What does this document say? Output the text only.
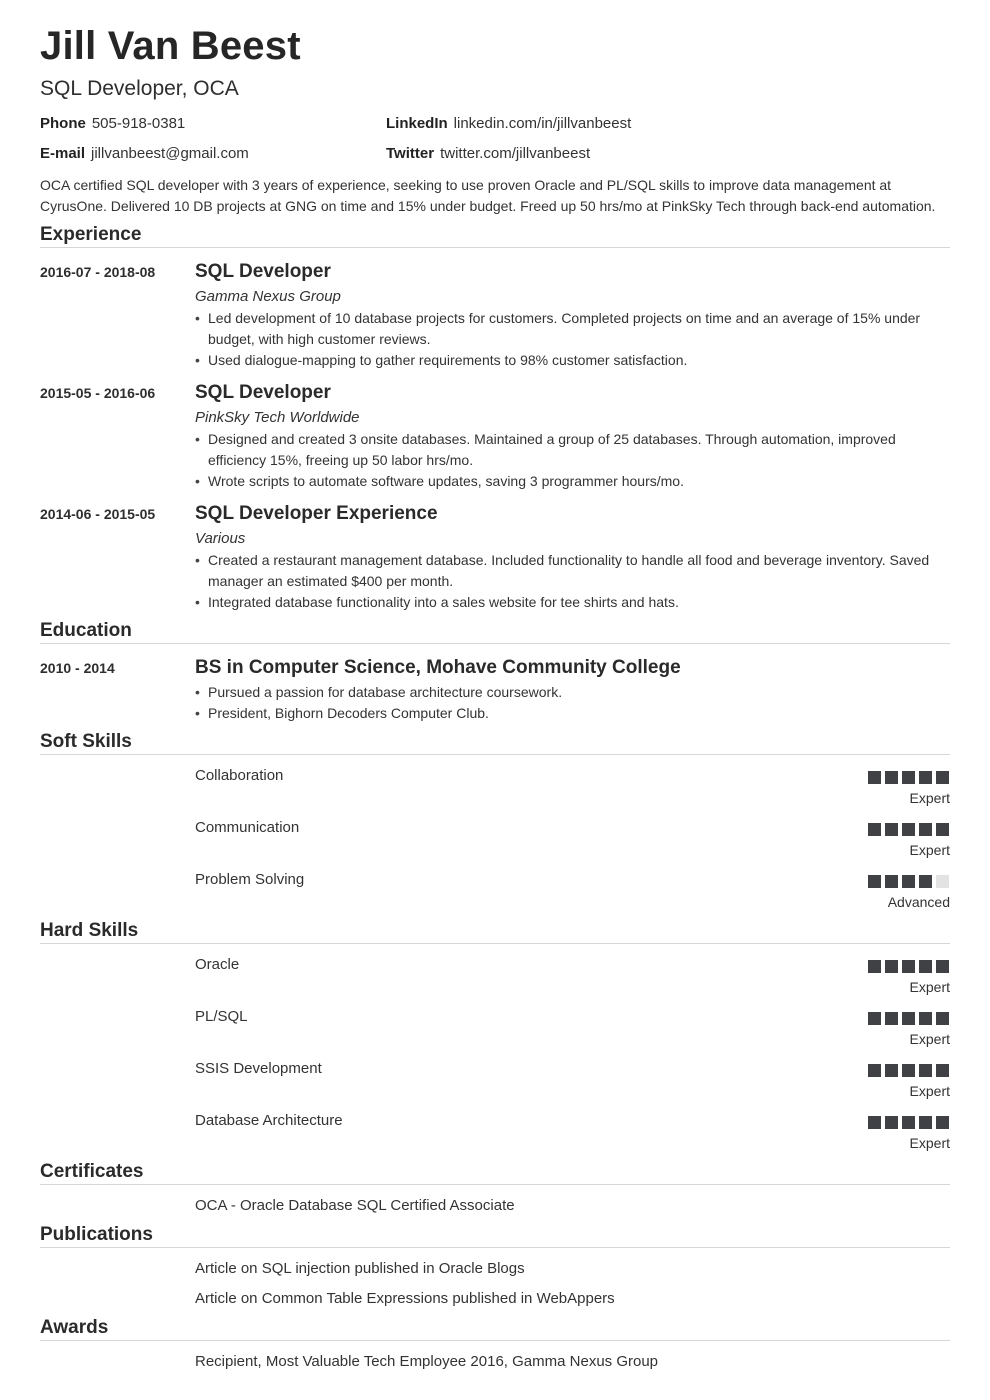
Jill Van Beest
SQL Developer, OCA
Phone 505-918-0381
E-mail jillvanbeest@gmail.com
LinkedIn linkedin.com/in/jillvanbeest
Twitter twitter.com/jillvanbeest
OCA certified SQL developer with 3 years of experience, seeking to use proven Oracle and PL/SQL skills to improve data management at CyrusOne. Delivered 10 DB projects at GNG on time and 15% under budget. Freed up 50 hrs/mo at PinkSky Tech through back-end automation.
Experience
2016-07 - 2018-08 SQL Developer
Gamma Nexus Group
• Led development of 10 database projects for customers. Completed projects on time and an average of 15% under budget, with high customer reviews.
• Used dialogue-mapping to gather requirements to 98% customer satisfaction.
2015-05 - 2016-06 SQL Developer
PinkSky Tech Worldwide
• Designed and created 3 onsite databases. Maintained a group of 25 databases. Through automation, improved efficiency 15%, freeing up 50 labor hrs/mo.
• Wrote scripts to automate software updates, saving 3 programmer hours/mo.
2014-06 - 2015-05 SQL Developer Experience
Various
• Created a restaurant management database. Included functionality to handle all food and beverage inventory. Saved manager an estimated $400 per month.
• Integrated database functionality into a sales website for tee shirts and hats.
Education
2010 - 2014	BS in Computer Science, Mohave Community College
• Pursued a passion for database architecture coursework.
• President, Bighorn Decoders Computer Club.
Soft Skills
Collaboration
Expert
Communication
Expert
Problem Solving
Advanced
Hard Skills
Oracle
Expert
PL/SQL
Expert
SSIS Development
Expert
Database Architecture
Expert
Certificates
OCA - Oracle Database SQL Certified Associate
Publications
Article on SQL injection published in Oracle Blogs
Article on Common Table Expressions published in WebAppers
Awards
Recipient, Most Valuable Tech Employee 2016, Gamma Nexus Group
